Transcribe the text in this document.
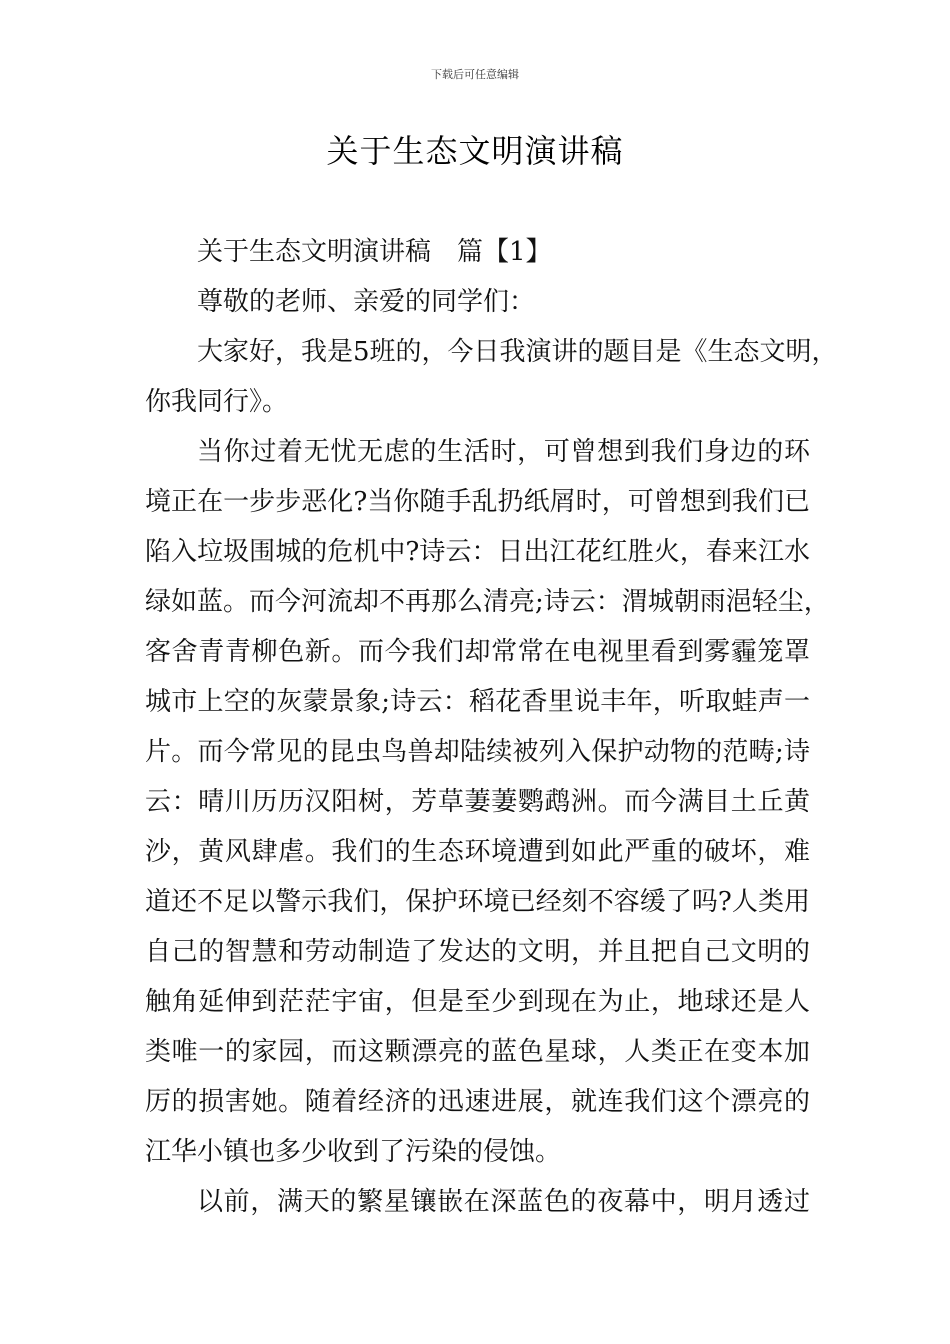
下载后可任意编辑
关于生态文明演讲稿
关于生态文明演讲稿　篇【1】
尊敬的老师、亲爱的同学们：
大家好，我是5班的，今日我演讲的题目是《生态文明，
你我同行》。
当你过着无忧无虑的生活时，可曾想到我们身边的环
境正在一步步恶化?当你随手乱扔纸屑时，可曾想到我们已
陷入垃圾围城的危机中?诗云：日出江花红胜火，春来江水
绿如蓝。而今河流却不再那么清亮;诗云：渭城朝雨浥轻尘，
客舍青青柳色新。而今我们却常常在电视里看到雾霾笼罩
城市上空的灰蒙景象;诗云：稻花香里说丰年，听取蛙声一
片。而今常见的昆虫鸟兽却陆续被列入保护动物的范畴;诗
云：晴川历历汉阳树，芳草萋萋鹦鹉洲。而今满目土丘黄
沙，黄风肆虐。我们的生态环境遭到如此严重的破坏，难
道还不足以警示我们，保护环境已经刻不容缓了吗?人类用
自己的智慧和劳动制造了发达的文明，并且把自己文明的
触角延伸到茫茫宇宙，但是至少到现在为止，地球还是人
类唯一的家园，而这颗漂亮的蓝色星球，人类正在变本加
厉的损害她。随着经济的迅速进展，就连我们这个漂亮的
江华小镇也多少收到了污染的侵蚀。
以前，满天的繁星镶嵌在深蓝色的夜幕中，明月透过
